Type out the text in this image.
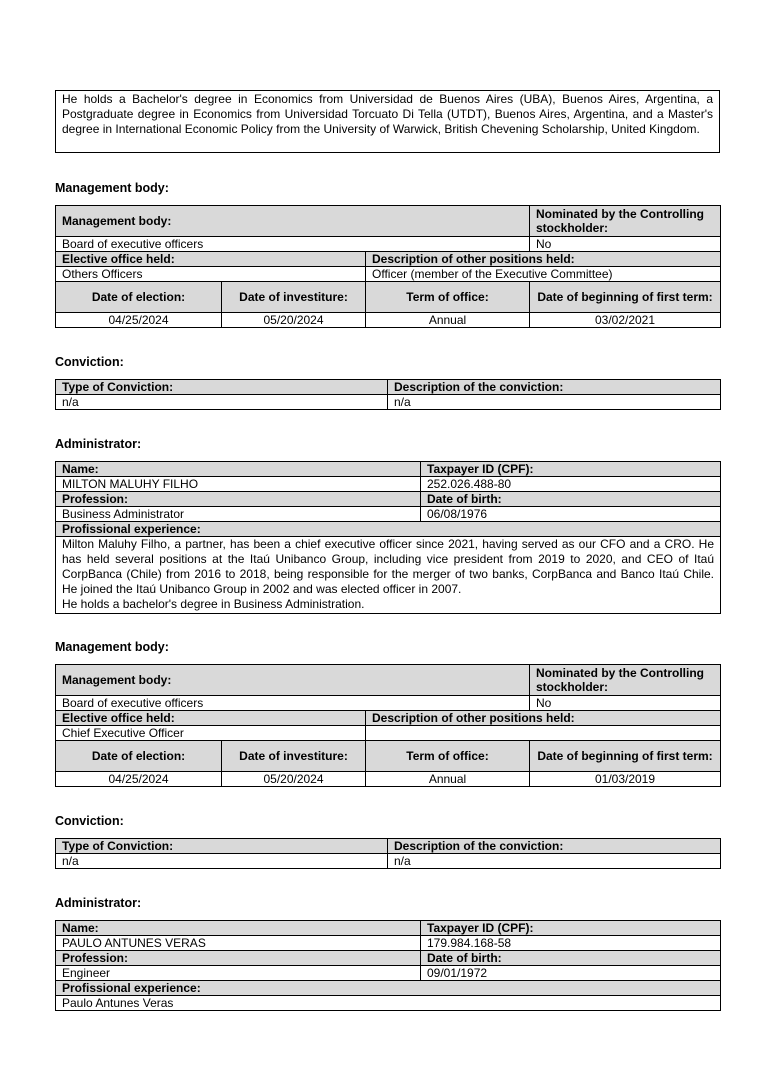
He holds a Bachelor's degree in Economics from Universidad de Buenos Aires (UBA), Buenos Aires, Argentina, a Postgraduate degree in Economics from Universidad Torcuato Di Tella (UTDT), Buenos Aires, Argentina, and a Master's degree in International Economic Policy from the University of Warwick, British Chevening Scholarship, United Kingdom.

Management body:

Management body:			Nominated by the Controlling stockholder:
Board of executive officers			No
Elective office held:		Description of other positions held:	
Others Officers		Officer (member of the Executive Committee)	
Date of election:	Date of investiture:	Term of office:	Date of beginning of first term:
04/25/2024	05/20/2024	Annual	03/02/2021

Conviction:

Type of Conviction:	Description of the conviction:
n/a	n/a

Administrator:

Name:	Taxpayer ID (CPF):
MILTON MALUHY FILHO	252.026.488-80
Profession:	Date of birth:
Business Administrator	06/08/1976
Profissional experience:	

Milton Maluhy Filho, a partner, has been a chief executive officer since 2021, having served as our CFO and a CRO. He has held several positions at the Itaú Unibanco Group, including vice president from 2019 to 2020, and CEO of Itaú CorpBanca (Chile) from 2016 to 2018, being responsible for the merger of two banks, CorpBanca and Banco Itaú Chile. He joined the Itaú Unibanco Group in 2002 and was elected officer in 2007.
He holds a bachelor's degree in Business Administration.	

Management body:

Management body:			Nominated by the Controlling stockholder:
Board of executive officers			No
Elective office held:		Description of other positions held:	
Chief Executive Officer			
Date of election:	Date of investiture:	Term of office:	Date of beginning of first term:
04/25/2024	05/20/2024	Annual	01/03/2019

Conviction:

Type of Conviction:	Description of the conviction:
n/a	n/a

Administrator:

Name:	Taxpayer ID (CPF):
PAULO ANTUNES VERAS	179.984.168-58
Profession:	Date of birth:
Engineer	09/01/1972
Profissional experience:	
Paulo Antunes Veras	
